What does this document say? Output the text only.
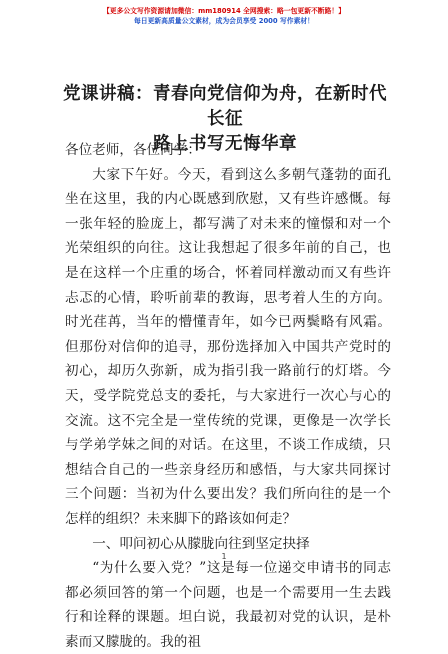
【更多公文写作资源请加微信：mm180914 全网搜索：略一包更新不断路！】
每日更新高质量公文素材，成为会员享受 2000 写作素材！
党课讲稿：青春向党信仰为舟，在新时代长征
路上书写无悔华章

各位老师，各位同学：

大家下午好。今天，看到这么多朝气蓬勃的面孔坐在这里，我的内心既感到欣慰，又有些许感慨。每一张年轻的脸庞上，都写满了对未来的憧憬和对一个光荣组织的向往。这让我想起了很多年前的自己，也是在这样一个庄重的场合，怀着同样激动而又有些许忐忑的心情，聆听前辈的教诲，思考着人生的方向。时光荏苒，当年的懵懂青年，如今已两鬓略有风霜。但那份对信仰的追寻，那份选择加入中国共产党时的初心，却历久弥新，成为指引我一路前行的灯塔。今天，受学院党总支的委托，与大家进行一次心与心的交流。这不完全是一堂传统的党课，更像是一次学长与学弟学妹之间的对话。在这里，不谈工作成绩，只想结合自己的一些亲身经历和感悟，与大家共同探讨三个问题：当初为什么要出发？我们所向往的是一个怎样的组织？未来脚下的路该如何走？

一、叩问初心从朦胧向往到坚定抉择

“为什么要入党？”这是每一位递交申请书的同志都必须回答的第一个问题，也是一个需要用一生去践行和诠释的课题。坦白说，我最初对党的认识，是朴素而又朦胧的。我的祖

1
